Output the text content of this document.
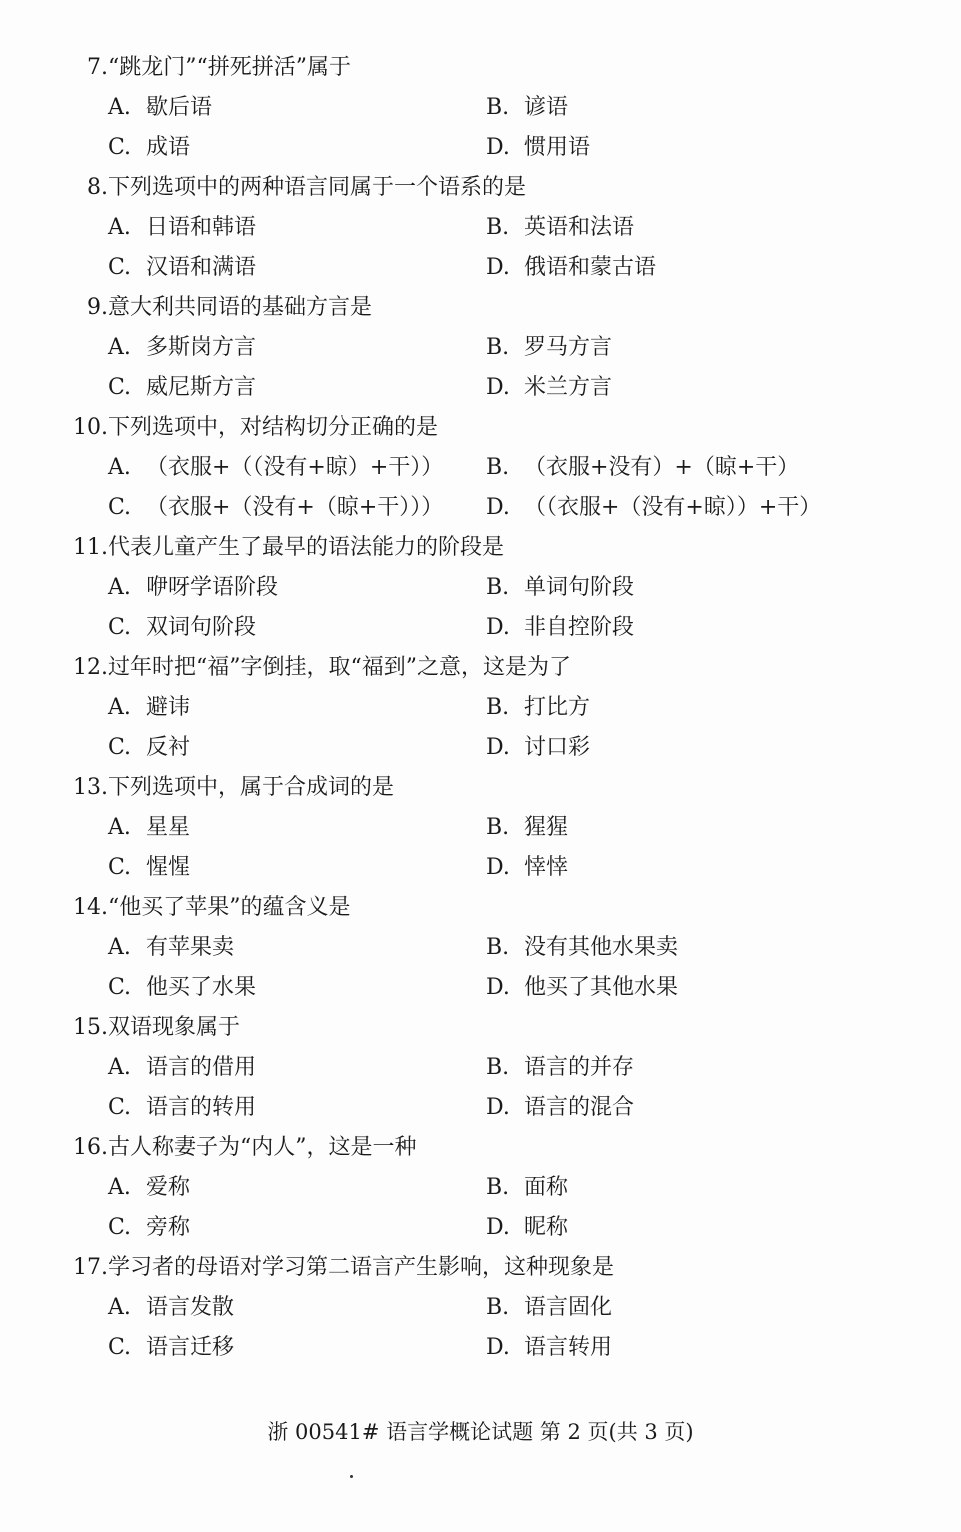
7. “跳龙门”“拼死拼活”属于
A. 歇后语	B. 谚语
C. 成语	D. 惯用语
8. 下列选项中的两种语言同属于一个语系的是
A. 日语和韩语	B. 英语和法语
C. 汉语和满语	D. 俄语和蒙古语
9. 意大利共同语的基础方言是
A. 多斯岗方言	B. 罗马方言
C. 威尼斯方言	D. 米兰方言
10. 下列选项中，对结构切分正确的是
A. （衣服+（（没有+晾）+干）） B. （衣服+没有）+（晾+干）
C. （衣服+（没有+（晾+干））） D. （（衣服+（没有+晾））+干）
11. 代表儿童产生了最早的语法能力的阶段是
A. 咿呀学语阶段	B. 单词句阶段
C. 双词句阶段	D. 非自控阶段
12. 过年时把“福”字倒挂，取“福到”之意，这是为了
A. 避讳	B. 打比方
C. 反衬	D. 讨口彩
13. 下列选项中，属于合成词的是
A. 星星	B. 猩猩
C. 惺惺	D. 悻悻
14. “他买了苹果”的蕴含义是
A. 有苹果卖	B. 没有其他水果卖
C. 他买了水果	D. 他买了其他水果
15. 双语现象属于
A. 语言的借用	B. 语言的并存
C. 语言的转用	D. 语言的混合
16. 古人称妻子为“内人”，这是一种
A. 爱称	B. 面称
C. 旁称	D. 昵称
17. 学习者的母语对学习第二语言产生影响，这种现象是
A. 语言发散	B. 语言固化
C. 语言迁移	D. 语言转用
浙 00541# 语言学概论试题 第 2 页(共 3 页)
